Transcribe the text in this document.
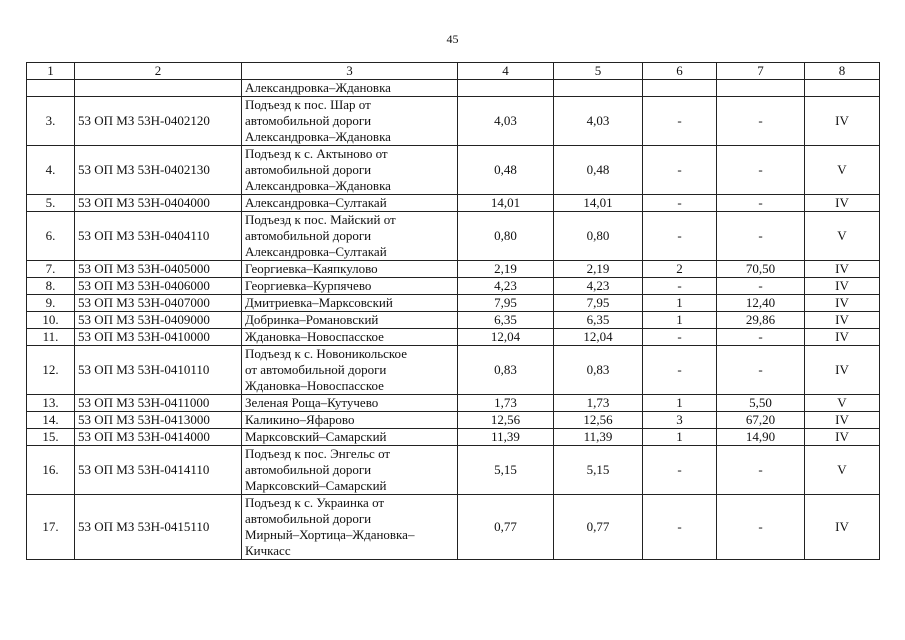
45
1	2	3	4	5	6	7	8

		Александровка–Ждановка					

3.	53 ОП МЗ 53Н-0402120	Подъезд к пос. Шар от
автомобильной дороги
Александровка–Ждановка	4,03	4,03	-	-	IV
4.	53 ОП МЗ 53Н-0402130	Подъезд к с. Актыново от
автомобильной дороги
Александровка–Ждановка	0,48	0,48	-	-	V
5.	53 ОП МЗ 53Н-0404000	Александровка–Султакай	14,01	14,01	-	-	IV
6.	53 ОП МЗ 53Н-0404110	Подъезд к пос. Майский от
автомобильной дороги
Александровка–Султакай	0,80	0,80	-	-	V
7.	53 ОП МЗ 53Н-0405000	Георгиевка–Каяпкулово	2,19	2,19	2	70,50	IV
8.	53 ОП МЗ 53Н-0406000	Георгиевка–Курпячево	4,23	4,23	-	-	IV
9.	53 ОП МЗ 53Н-0407000	Дмитриевка–Марксовский	7,95	7,95	1	12,40	IV
10.	53 ОП МЗ 53Н-0409000	Добринка–Романовский	6,35	6,35	1	29,86	IV
11.	53 ОП МЗ 53Н-0410000	Ждановка–Новоспасское	12,04	12,04	-	-	IV
12.	53 ОП МЗ 53Н-0410110	Подъезд к с. Новоникольское
от автомобильной дороги
Ждановка–Новоспасское	0,83	0,83	-	-	IV
13.	53 ОП МЗ 53Н-0411000	Зеленая Роща–Кутучево	1,73	1,73	1	5,50	V
14.	53 ОП МЗ 53Н-0413000	Каликино–Яфарово	12,56	12,56	3	67,20	IV
15.	53 ОП МЗ 53Н-0414000	Марксовский–Самарский	11,39	11,39	1	14,90	IV
16.	53 ОП МЗ 53Н-0414110	Подъезд к пос. Энгельс от
автомобильной дороги
Марксовский–Самарский	5,15	5,15	-	-	V
17.	53 ОП МЗ 53Н-0415110	Подъезд к с. Украинка от
автомобильной дороги
Мирный–Хортица–Ждановка–
Кичкасс	0,77	0,77	-	-	IV
